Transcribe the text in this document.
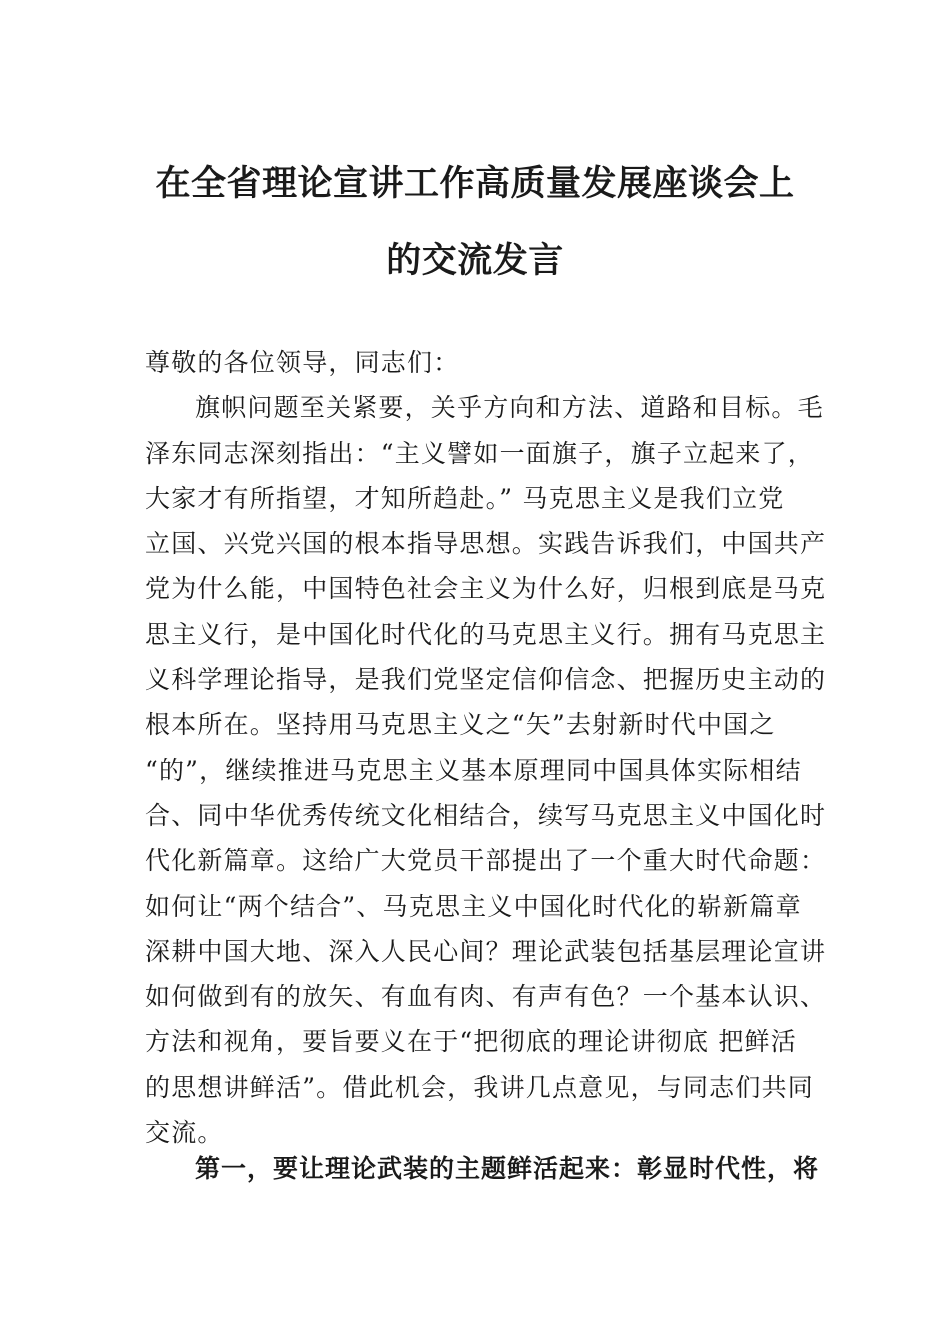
在全省理论宣讲工作高质量发展座谈会上
的交流发言
尊敬的各位领导，同志们：
旗帜问题至关紧要，关乎方向和方法、道路和目标。毛
泽东同志深刻指出：“主义譬如一面旗子，旗子立起来了，
大家才有所指望，才知所趋赴。” 马克思主义是我们立党
立国、兴党兴国的根本指导思想。实践告诉我们，中国共产
党为什么能，中国特色社会主义为什么好，归根到底是马克
思主义行，是中国化时代化的马克思主义行。拥有马克思主
义科学理论指导，是我们党坚定信仰信念、把握历史主动的
根本所在。坚持用马克思主义之“矢”去射新时代中国之
“的”，继续推进马克思主义基本原理同中国具体实际相结
合、同中华优秀传统文化相结合，续写马克思主义中国化时
代化新篇章。这给广大党员干部提出了一个重大时代命题：
如何让“两个结合”、马克思主义中国化时代化的崭新篇章
深耕中国大地、深入人民心间？理论武装包括基层理论宣讲
如何做到有的放矢、有血有肉、有声有色？一个基本认识、
方法和视角，要旨要义在于“把彻底的理论讲彻底 把鲜活
的思想讲鲜活”。借此机会，我讲几点意见，与同志们共同
交流。
第一，要让理论武装的主题鲜活起来：彰显时代性，将
